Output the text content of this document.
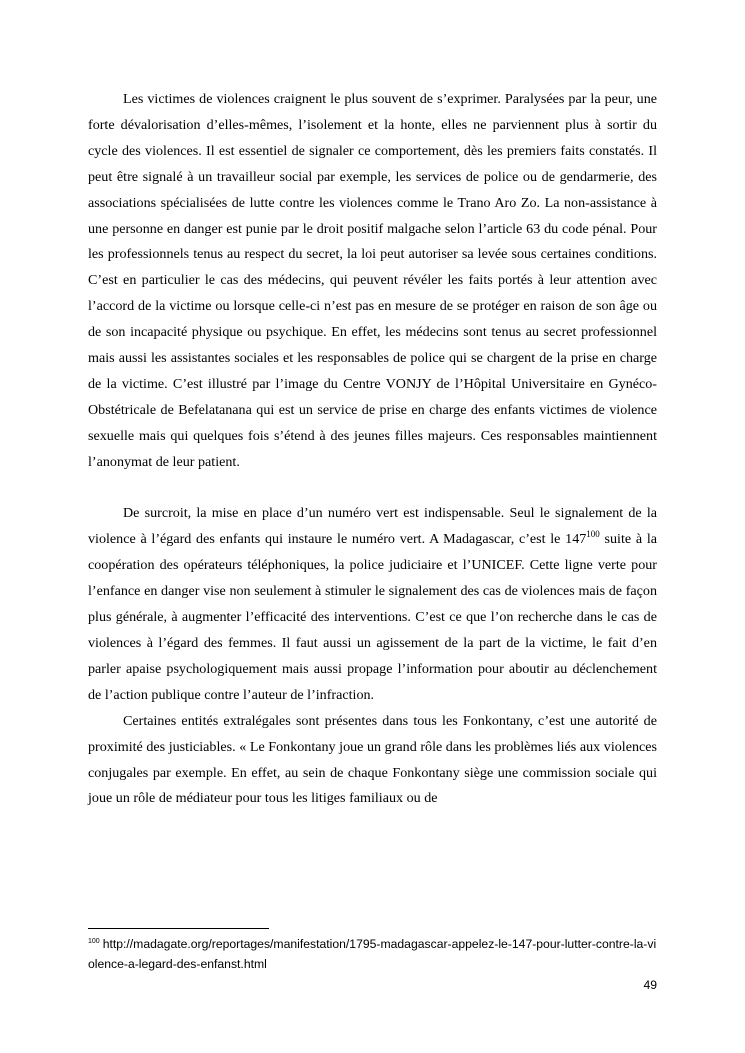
Les victimes de violences craignent le plus souvent de s’exprimer. Paralysées par la peur, une forte dévalorisation d’elles-mêmes, l’isolement et la honte, elles ne parviennent plus à sortir du cycle des violences. Il est essentiel de signaler ce comportement, dès les premiers faits constatés. Il peut être signalé à un travailleur social par exemple, les services de police ou de gendarmerie, des associations spécialisées de lutte contre les violences comme le Trano Aro Zo. La non-assistance à une personne en danger est punie par le droit positif malgache selon l’article 63 du code pénal. Pour les professionnels tenus au respect du secret, la loi peut autoriser sa levée sous certaines conditions. C’est en particulier le cas des médecins, qui peuvent révéler les faits portés à leur attention avec l’accord de la victime ou lorsque celle-ci n’est pas en mesure de se protéger en raison de son âge ou de son incapacité physique ou psychique. En effet, les médecins sont tenus au secret professionnel mais aussi les assistantes sociales et les responsables de police qui se chargent de la prise en charge de la victime. C’est illustré par l’image du Centre VONJY de l’Hôpital Universitaire en Gynéco-Obstétricale de Befelatanana qui est un service de prise en charge des enfants victimes de violence sexuelle mais qui quelques fois s’étend à des jeunes filles majeurs. Ces responsables maintiennent l’anonymat de leur patient.

De surcroit, la mise en place d’un numéro vert est indispensable. Seul le signalement de la violence à l’égard des enfants qui instaure le numéro vert. A Madagascar, c’est le 147$^{100}$ suite à la coopération des opérateurs téléphoniques, la police judiciaire et l’UNICEF. Cette ligne verte pour l’enfance en danger vise non seulement à stimuler le signalement des cas de violences mais de façon plus générale, à augmenter l’efficacité des interventions. C’est ce que l’on recherche dans le cas de violences à l’égard des femmes. Il faut aussi un agissement de la part de la victime, le fait d’en parler apaise psychologiquement mais aussi propage l’information pour aboutir au déclenchement de l’action publique contre l’auteur de l’infraction.

Certaines entités extralégales sont présentes dans tous les Fonkontany, c’est une autorité de proximité des justiciables. « Le Fonkontany joue un grand rôle dans les problèmes liés aux violences conjugales par exemple. En effet, au sein de chaque Fonkontany siège une commission sociale qui joue un rôle de médiateur pour tous les litiges familiaux ou de

$^{100}$ http://madagate.org/reportages/manifestation/1795-madagascar-appelez-le-147-pour-lutter-contre-la-violence-a-legard-des-enfanst.html
49
